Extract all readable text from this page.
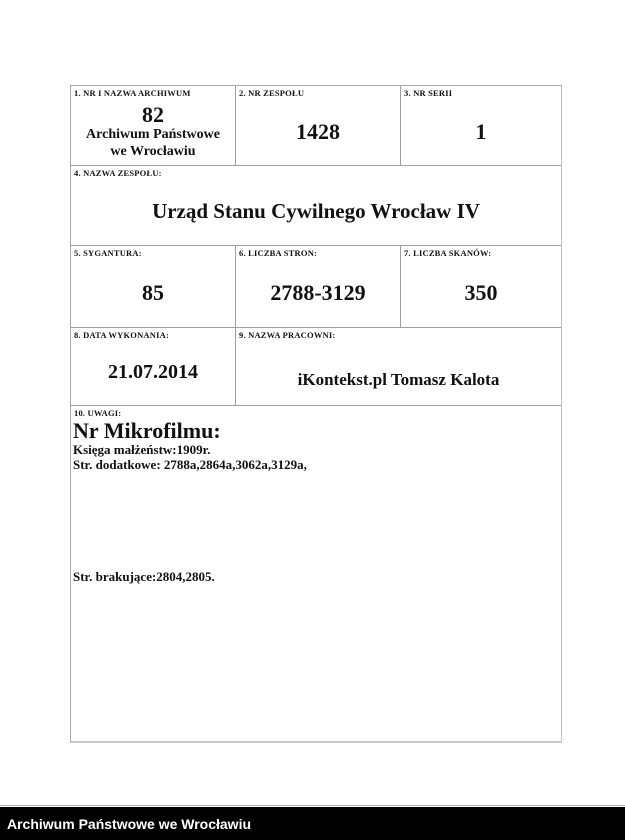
1. NR I NAZWA ARCHIWUM
82
Archiwum Państwowe
we Wrocławiu
2. NR ZESPOŁU
1428
3. NR SERII
1
4. NAZWA ZESPOŁU:
Urząd Stanu Cywilnego Wrocław IV
5. SYGANTURA:
85
6. LICZBA STRON:
2788-3129
7. LICZBA SKANÓW:
350
8. DATA WYKONANIA:
21.07.2014
9. NAZWA PRACOWNI:
iKontekst.pl Tomasz Kalota
10. UWAGI:
Nr Mikrofilmu:
Księga małżeństw:1909r.
Str. dodatkowe: 2788a,2864a,3062a,3129a,
Str. brakujące:2804,2805.
Archiwum Państwowe we Wrocławiu
